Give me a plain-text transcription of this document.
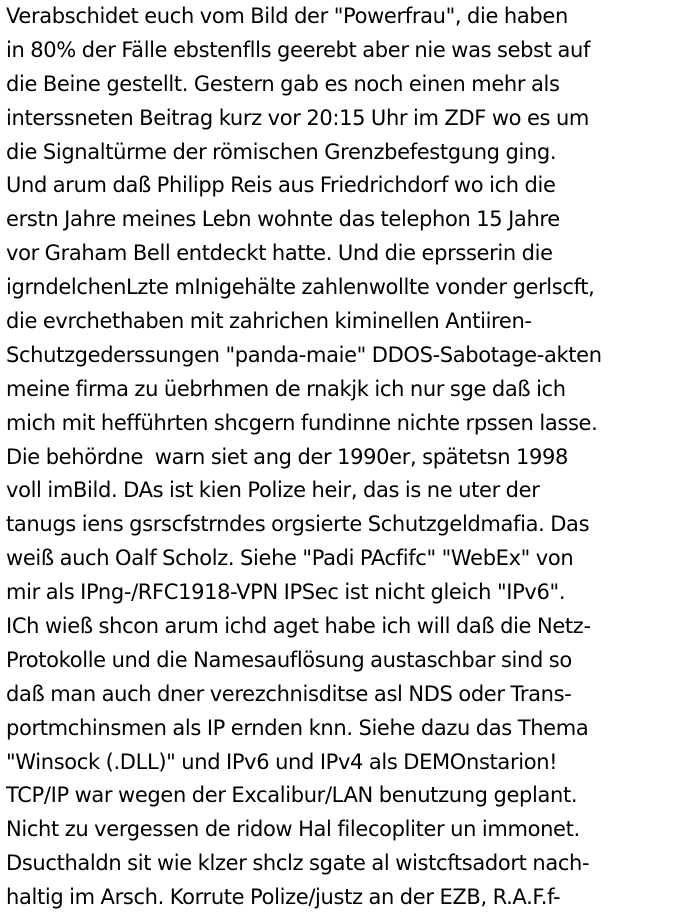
Verabschidet euch vom Bild der "Powerfrau", die haben
in 80% der Fälle ebstenflls geerebt aber nie was sebst auf
die Beine gestellt. Gestern gab es noch einen mehr als
interssneten Beitrag kurz vor 20:15 Uhr im ZDF wo es um
die Signaltürme der römischen Grenzbefestgung ging.
Und arum daß Philipp Reis aus Friedrichdorf wo ich die
erstn Jahre meines Lebn wohnte das telephon 15 Jahre
vor Graham Bell entdeckt hatte. Und die eprsserin die
igrndelchenLzte mInigehälte zahlenwollte vonder gerlscft,
die evrchethaben mit zahrichen kiminellen Antiiren-
Schutzgederssungen "panda-maie" DDOS-Sabotage-akten
meine firma zu üebrhmen de rnakjk ich nur sge daß ich
mich mit hefführten shcgern fundinne nichte rpssen lasse.
Die behördne  warn siet ang der 1990er, spätetsn 1998
voll imBild. DAs ist kien Polize heir, das is ne uter der
tanugs iens gsrscfstrndes orgsierte Schutzgeldmafia. Das
weiß auch Oalf Scholz. Siehe "Padi PAcfifc" "WebEx" von
mir als IPng-/RFC1918-VPN IPSec ist nicht gleich "IPv6".
ICh wieß shcon arum ichd aget habe ich will daß die Netz-
Protokolle und die Namesauflösung austaschbar sind so
daß man auch dner verezchnisditse asl NDS oder Trans-
portmchinsmen als IP ernden knn. Siehe dazu das Thema
"Winsock (.DLL)" und IPv6 und IPv4 als DEMOnstarion!
TCP/IP war wegen der Excalibur/LAN benutzung geplant.
Nicht zu vergessen de ridow Hal filecopliter un immonet.
Dsucthaldn sit wie klzer shclz sgate al wistcftsadort nach-
haltig im Arsch. Korrute Polize/justz an der EZB, R.A.F.f-
